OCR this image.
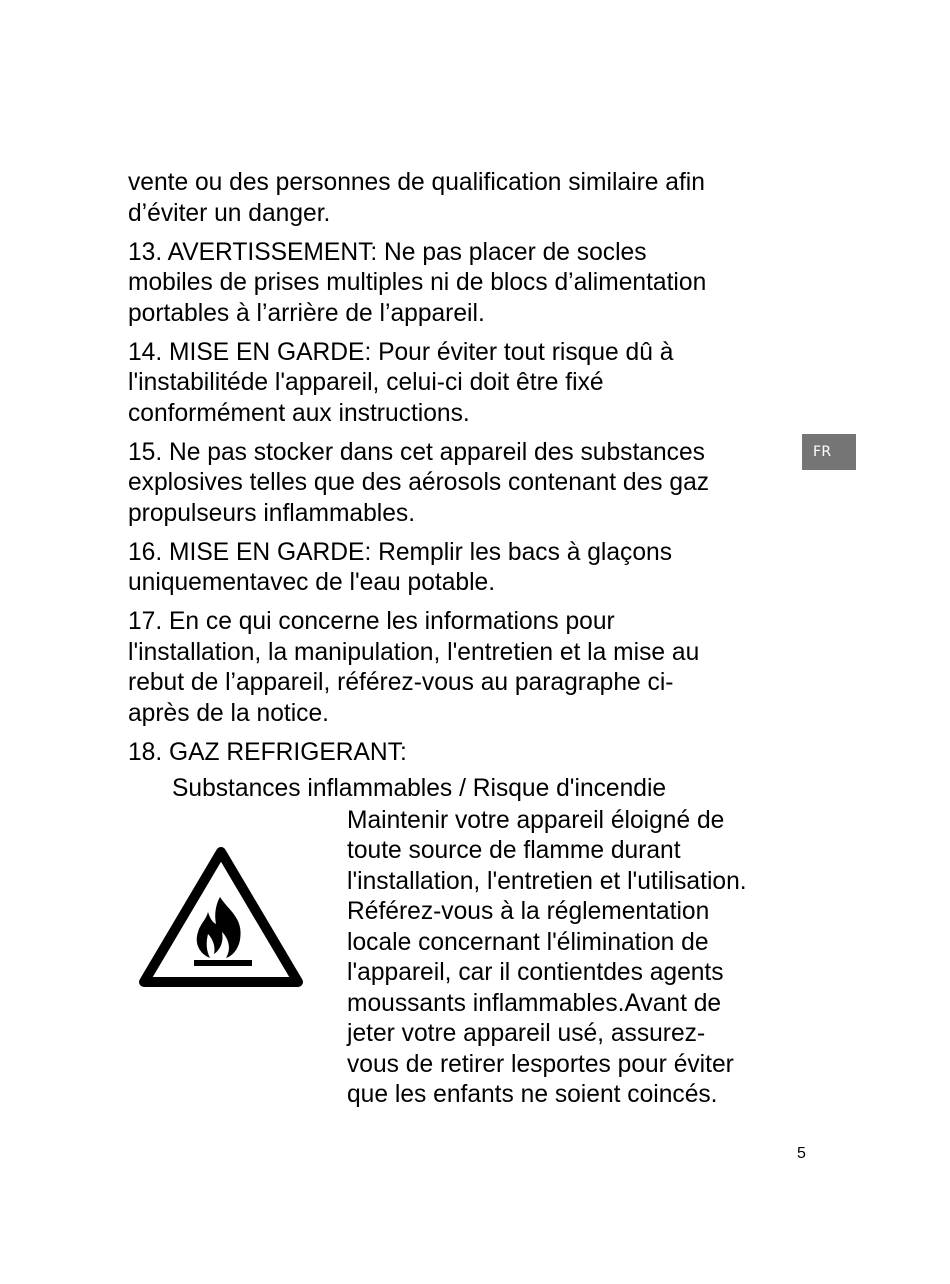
vente ou des personnes de qualification similaire afin
d’éviter un danger.

13. AVERTISSEMENT: Ne pas placer de socles
mobiles de prises multiples ni de blocs d’alimentation
portables à l’arrière de l’appareil.

14. MISE EN GARDE: Pour éviter tout risque dû à
l'instabilitéde l'appareil, celui-ci doit être fixé
conformément aux instructions.

15. Ne pas stocker dans cet appareil des substances
explosives telles que des aérosols contenant des gaz
propulseurs inflammables.

16. MISE EN GARDE: Remplir les bacs à glaçons
uniquementavec de l'eau potable.

17. En ce qui concerne les informations pour
l'installation, la manipulation, l'entretien et la mise au
rebut de l’appareil, référez-vous au paragraphe ci-
après de la notice.

18. GAZ REFRIGERANT:

Substances inflammables / Risque d'incendie

Maintenir votre appareil éloigné de
toute source de flamme durant
l'installation, l'entretien et l'utilisation.
Référez-vous à la réglementation
locale concernant l'élimination de
l'appareil, car il contientdes agents
moussants inflammables.Avant de
jeter votre appareil usé, assurez-
vous de retirer lesportes pour éviter
que les enfants ne soient coincés.

FR
5
